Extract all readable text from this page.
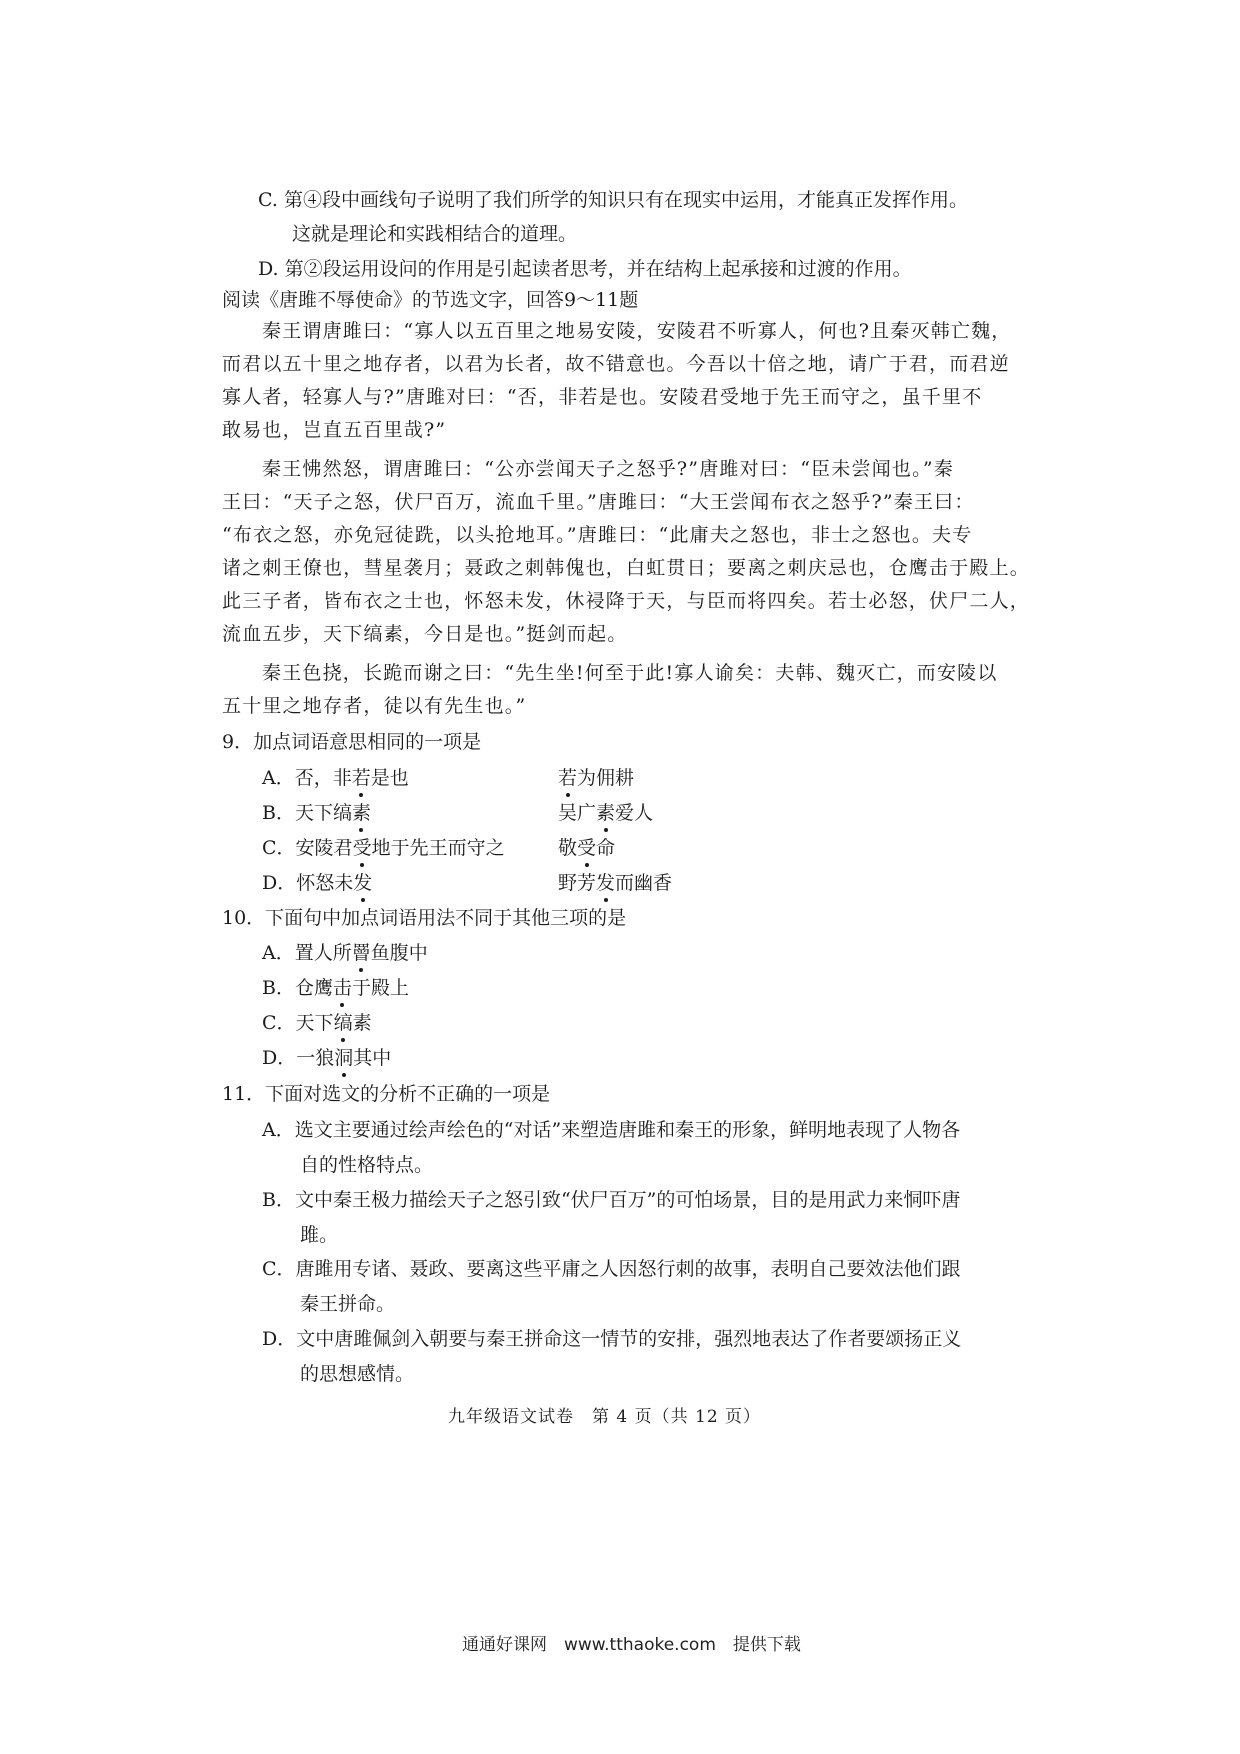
C. 第④段中画线句子说明了我们所学的知识只有在现实中运用，才能真正发挥作用。
这就是理论和实践相结合的道理。
D. 第②段运用设问的作用是引起读者思考，并在结构上起承接和过渡的作用。
阅读《唐雎不辱使命》的节选文字，回答9～11题
秦王谓唐雎曰：“寡人以五百里之地易安陵，安陵君不听寡人，何也?且秦灭韩亡魏，
而君以五十里之地存者，以君为长者，故不错意也。今吾以十倍之地，请广于君，而君逆
寡人者，轻寡人与?”唐雎对曰：“否，非若是也。安陵君受地于先王而守之，虽千里不
敢易也，岂直五百里哉?”
秦王怫然怒，谓唐雎曰：“公亦尝闻天子之怒乎?”唐雎对曰：“臣未尝闻也。”秦
王曰：“天子之怒，伏尸百万，流血千里。”唐雎曰：“大王尝闻布衣之怒乎?”秦王曰：
“布衣之怒，亦免冠徒跣，以头抢地耳。”唐雎曰：“此庸夫之怒也，非士之怒也。夫专
诸之刺王僚也，彗星袭月；聂政之刺韩傀也，白虹贯日；要离之刺庆忌也，仓鹰击于殿上。
此三子者，皆布衣之士也，怀怒未发，休祲降于天，与臣而将四矣。若士必怒，伏尸二人，
流血五步，天下缟素，今日是也。”挺剑而起。
秦王色挠，长跪而谢之曰：“先生坐!何至于此!寡人谕矣：夫韩、魏灭亡，而安陵以
五十里之地存者，徒以有先生也。”
9．加点词语意思相同的一项是
A．否，非若是也	若为佣耕
B．天下缟素	吴广素爱人
C．安陵君受地于先王而守之	敬受命
D．怀怒未发	野芳发而幽香
10．下面句中加点词语用法不同于其他三项的是
A．置人所罾鱼腹中
B．仓鹰击于殿上
C．天下缟素
D．一狼洞其中
11．下面对选文的分析不正确的一项是
A．选文主要通过绘声绘色的“对话”来塑造唐雎和秦王的形象，鲜明地表现了人物各
自的性格特点。
B．文中秦王极力描绘天子之怒引致“伏尸百万”的可怕场景，目的是用武力来恫吓唐
雎。
C．唐雎用专诸、聂政、要离这些平庸之人因怒行刺的故事，表明自己要效法他们跟
秦王拼命。
D．文中唐雎佩剑入朝要与秦王拼命这一情节的安排，强烈地表达了作者要颂扬正义
的思想感情。
九年级语文试卷　第 4 页（共 12 页）
通通好课网　www.tthaoke.com　提供下载
